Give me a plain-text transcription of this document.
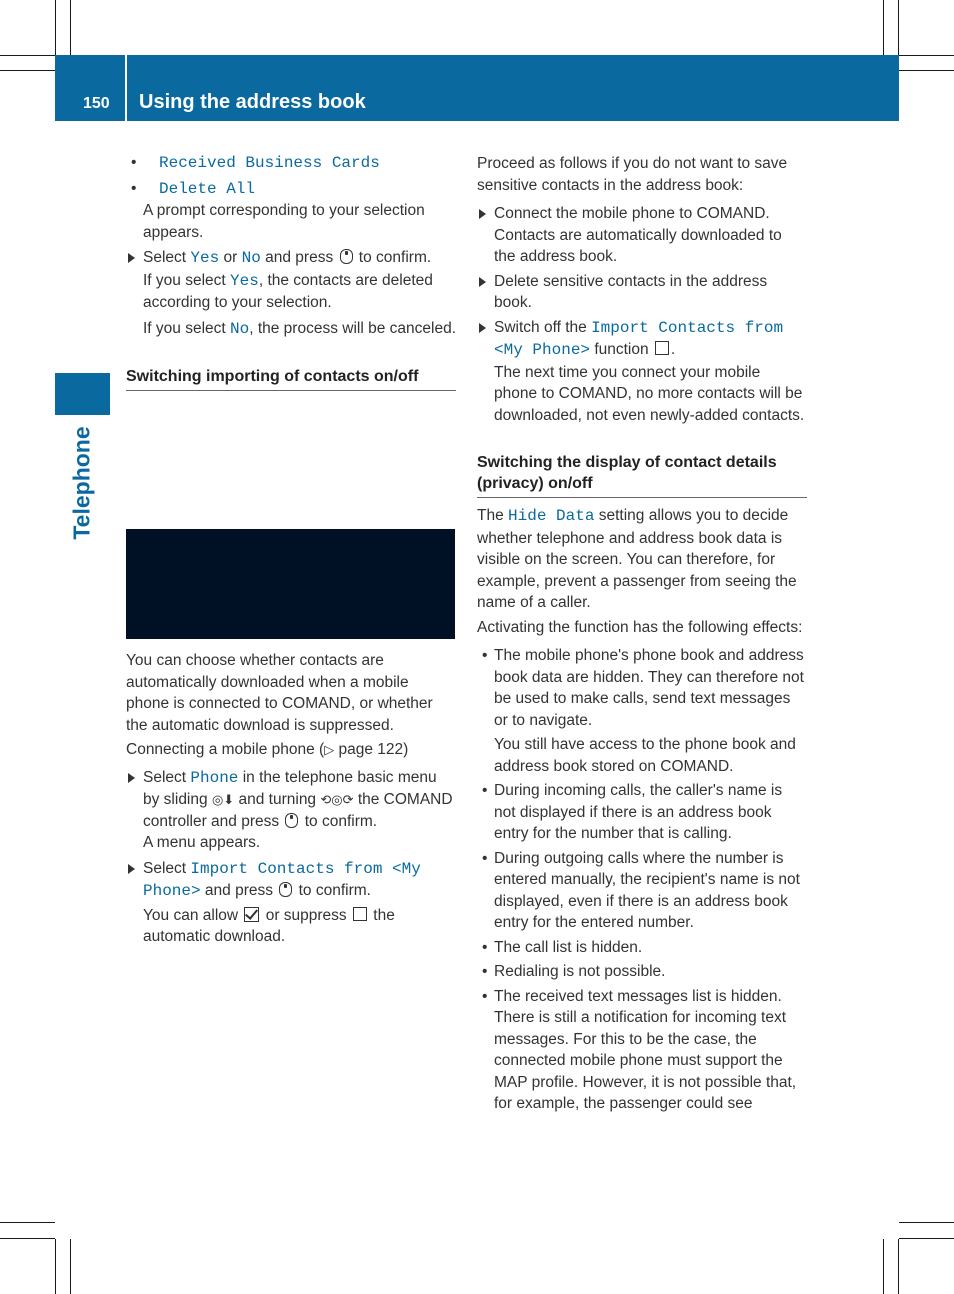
150 Using the address book
Telephone

• Received Business Cards

• Delete All

A prompt corresponding to your selection appears.

Select Yes or No and press  to confirm.

If you select Yes, the contacts are deleted according to your selection.

If you select No, the process will be canceled.

Switching importing of contacts on/off

You can choose whether contacts are automatically downloaded when a mobile phone is connected to COMAND, or whether the automatic download is suppressed.

Connecting a mobile phone (▷ page 122)

Select Phone in the telephone basic menu by sliding ◎⬇ and turning ⟲◎⟳ the COMAND controller and press  to confirm.
A menu appears.

Select Import Contacts from <My Phone> and press  to confirm.

You can allow  or suppress  the automatic download.

Proceed as follows if you do not want to save sensitive contacts in the address book:

Connect the mobile phone to COMAND. Contacts are automatically downloaded to the address book.

Delete sensitive contacts in the address book.

Switch off the Import Contacts from <My Phone> function .

The next time you connect your mobile phone to COMAND, no more contacts will be downloaded, not even newly-added contacts.

Switching the display of contact details (privacy) on/off

The Hide Data setting allows you to decide whether telephone and address book data is visible on the screen. You can therefore, for example, prevent a passenger from seeing the name of a caller.

Activating the function has the following effects:

• The mobile phone's phone book and address book data are hidden. They can therefore not be used to make calls, send text messages or to navigate.

You still have access to the phone book and address book stored on COMAND.

• During incoming calls, the caller's name is not displayed if there is an address book entry for the number that is calling.

• During outgoing calls where the number is entered manually, the recipient's name is not displayed, even if there is an address book entry for the entered number.

• The call list is hidden.

• Redialing is not possible.

• The received text messages list is hidden. There is still a notification for incoming text messages. For this to be the case, the connected mobile phone must support the MAP profile. However, it is not possible that, for example, the passenger could see
